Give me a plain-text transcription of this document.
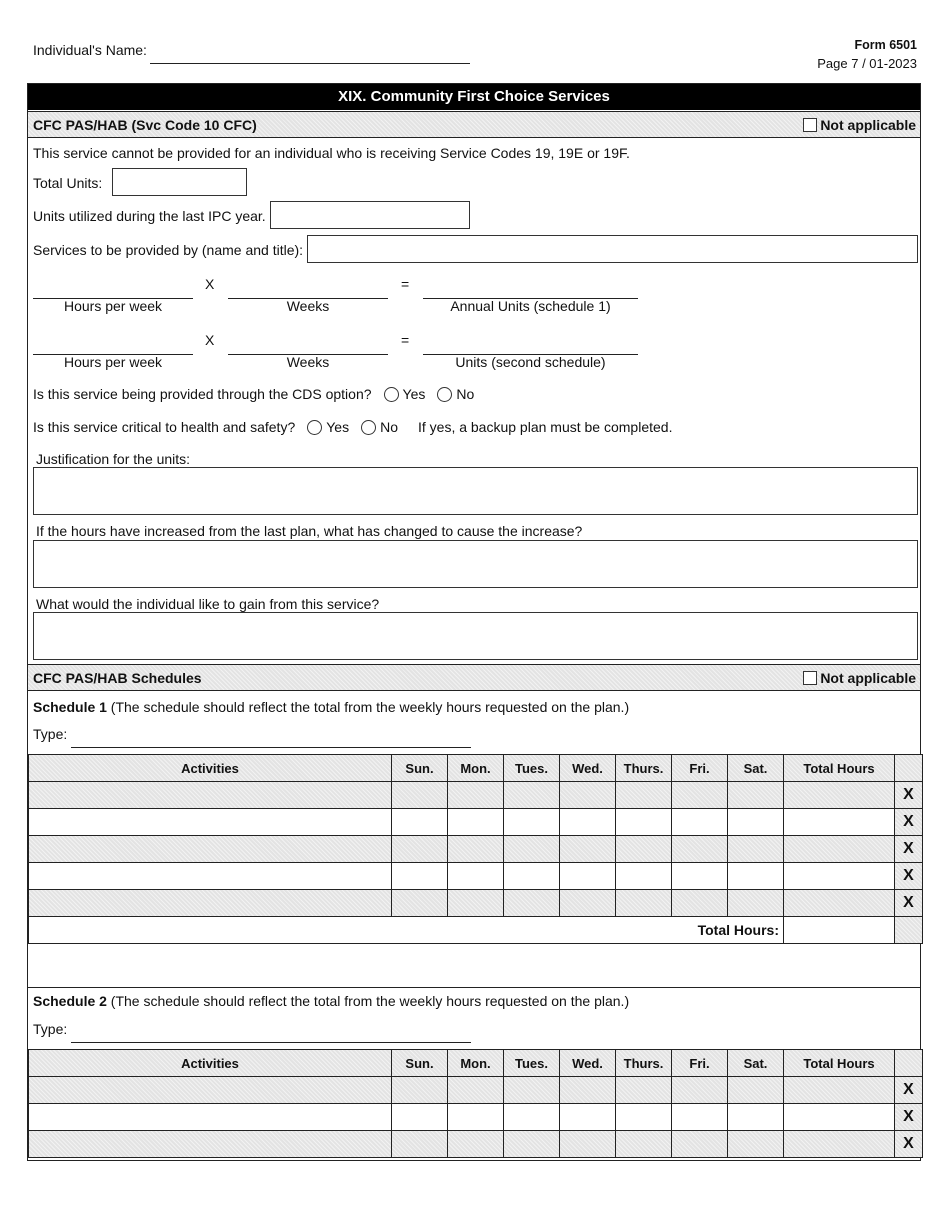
Individual's Name:	Form 6501
Page 7 / 01-2023
XIX. Community First Choice Services
CFC PAS/HAB (Svc Code 10 CFC)	Not applicable
This service cannot be provided for an individual who is receiving Service Codes 19, 19E or 19F.
Total Units:
Units utilized during the last IPC year.
Services to be provided by (name and title):
X	=
Hours per week	Weeks	Annual Units (schedule 1)
X	=
Hours per week	Weeks	Units (second schedule)
Is this service being provided through the CDS option? Yes No
Is this service critical to health and safety? Yes No If yes, a backup plan must be completed.
Justification for the units:
If the hours have increased from the last plan, what has changed to cause the increase?
What would the individual like to gain from this service?
CFC PAS/HAB Schedules	Not applicable
Schedule 1 (The schedule should reflect the total from the weekly hours requested on the plan.)
Type:
Activities	Sun.	Mon.	Tues.	Wed.	Thurs.	Fri.	Sat.	Total Hours	
									X
									X
									X
									X
									X
Total Hours:									
Schedule 2 (The schedule should reflect the total from the weekly hours requested on the plan.)
Type:
Activities	Sun.	Mon.	Tues.	Wed.	Thurs.	Fri.	Sat.	Total Hours	
									X
									X
									X
